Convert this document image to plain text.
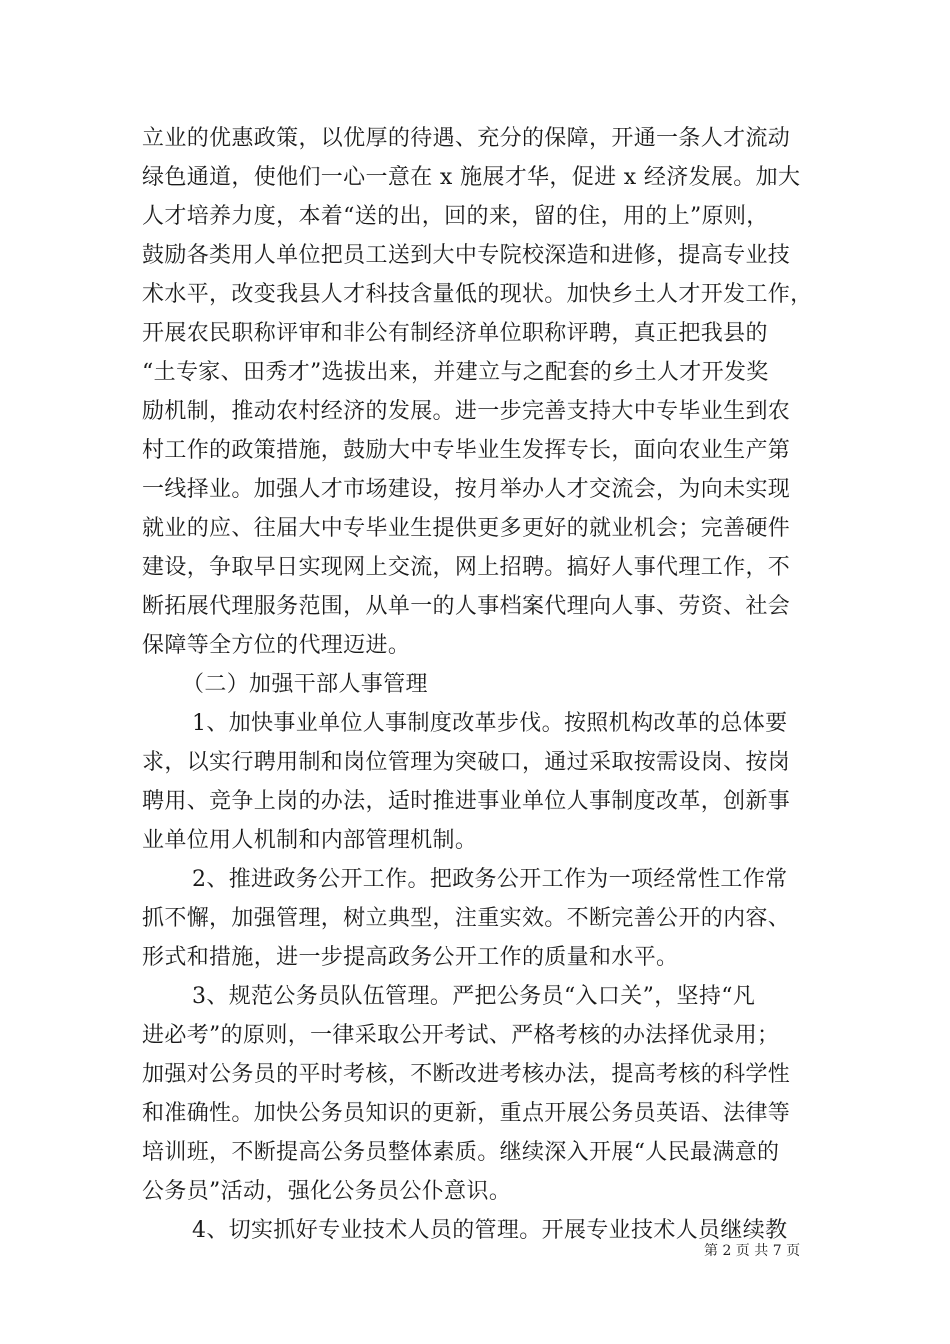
立业的优惠政策，以优厚的待遇、充分的保障，开通一条人才流动
绿色通道，使他们一心一意在 x 施展才华，促进 x 经济发展。加大
人才培养力度，本着“送的出，回的来，留的住，用的上”原则，
鼓励各类用人单位把员工送到大中专院校深造和进修，提高专业技
术水平，改变我县人才科技含量低的现状。加快乡土人才开发工作，
开展农民职称评审和非公有制经济单位职称评聘，真正把我县的
“土专家、田秀才”选拔出来，并建立与之配套的乡土人才开发奖
励机制，推动农村经济的发展。进一步完善支持大中专毕业生到农
村工作的政策措施，鼓励大中专毕业生发挥专长，面向农业生产第
一线择业。加强人才市场建设，按月举办人才交流会，为向未实现
就业的应、往届大中专毕业生提供更多更好的就业机会；完善硬件
建设，争取早日实现网上交流，网上招聘。搞好人事代理工作，不
断拓展代理服务范围，从单一的人事档案代理向人事、劳资、社会
保障等全方位的代理迈进。
（二）加强干部人事管理
1、加快事业单位人事制度改革步伐。按照机构改革的总体要
求，以实行聘用制和岗位管理为突破口，通过采取按需设岗、按岗
聘用、竞争上岗的办法，适时推进事业单位人事制度改革，创新事
业单位用人机制和内部管理机制。
2、推进政务公开工作。把政务公开工作为一项经常性工作常
抓不懈，加强管理，树立典型，注重实效。不断完善公开的内容、
形式和措施，进一步提高政务公开工作的质量和水平。
3、规范公务员队伍管理。严把公务员“入口关”，坚持“凡
进必考”的原则，一律采取公开考试、严格考核的办法择优录用；
加强对公务员的平时考核，不断改进考核办法，提高考核的科学性
和准确性。加快公务员知识的更新，重点开展公务员英语、法律等
培训班，不断提高公务员整体素质。继续深入开展“人民最满意的
公务员”活动，强化公务员公仆意识。
4、切实抓好专业技术人员的管理。开展专业技术人员继续教
第 2 页 共 7 页
